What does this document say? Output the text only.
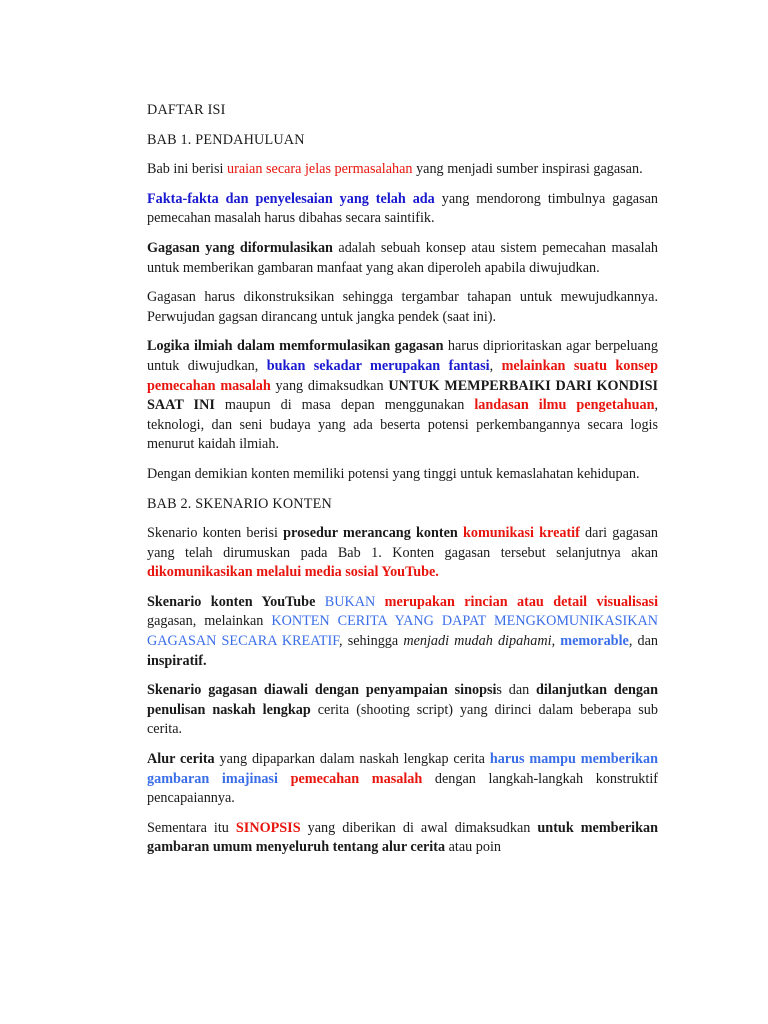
DAFTAR ISI
BAB 1. PENDAHULUAN

Bab ini berisi uraian secara jelas permasalahan yang menjadi sumber inspirasi gagasan.

Fakta-fakta dan penyelesaian yang telah ada yang mendorong timbulnya gagasan pemecahan masalah harus dibahas secara saintifik.

Gagasan yang diformulasikan adalah sebuah konsep atau sistem pemecahan masalah untuk memberikan gambaran manfaat yang akan diperoleh apabila diwujudkan.

Gagasan harus dikonstruksikan sehingga tergambar tahapan untuk mewujudkannya. Perwujudan gagsan dirancang untuk jangka pendek (saat ini).

Logika ilmiah dalam memformulasikan gagasan harus diprioritaskan agar berpeluang untuk diwujudkan, bukan sekadar merupakan fantasi, melainkan suatu konsep pemecahan masalah yang dimaksudkan UNTUK MEMPERBAIKI DARI KONDISI SAAT INI maupun di masa depan menggunakan landasan ilmu pengetahuan, teknologi, dan seni budaya yang ada beserta potensi perkembangannya secara logis menurut kaidah ilmiah.

Dengan demikian konten memiliki potensi yang tinggi untuk kemaslahatan kehidupan.

BAB 2. SKENARIO KONTEN

Skenario konten berisi prosedur merancang konten komunikasi kreatif dari gagasan yang telah dirumuskan pada Bab 1. Konten gagasan tersebut selanjutnya akan dikomunikasikan melalui media sosial YouTube.

Skenario konten YouTube BUKAN merupakan rincian atau detail visualisasi gagasan, melainkan KONTEN CERITA YANG DAPAT MENGKOMUNIKASIKAN GAGASAN SECARA KREATIF, sehingga menjadi mudah dipahami, memorable, dan inspiratif.

Skenario gagasan diawali dengan penyampaian sinopsis dan dilanjutkan dengan penulisan naskah lengkap cerita (shooting script) yang dirinci dalam beberapa sub cerita.

Alur cerita yang dipaparkan dalam naskah lengkap cerita harus mampu memberikan gambaran imajinasi pemecahan masalah dengan langkah-langkah konstruktif pencapaiannya.

Sementara itu SINOPSIS yang diberikan di awal dimaksudkan untuk memberikan gambaran umum menyeluruh tentang alur cerita atau poin
